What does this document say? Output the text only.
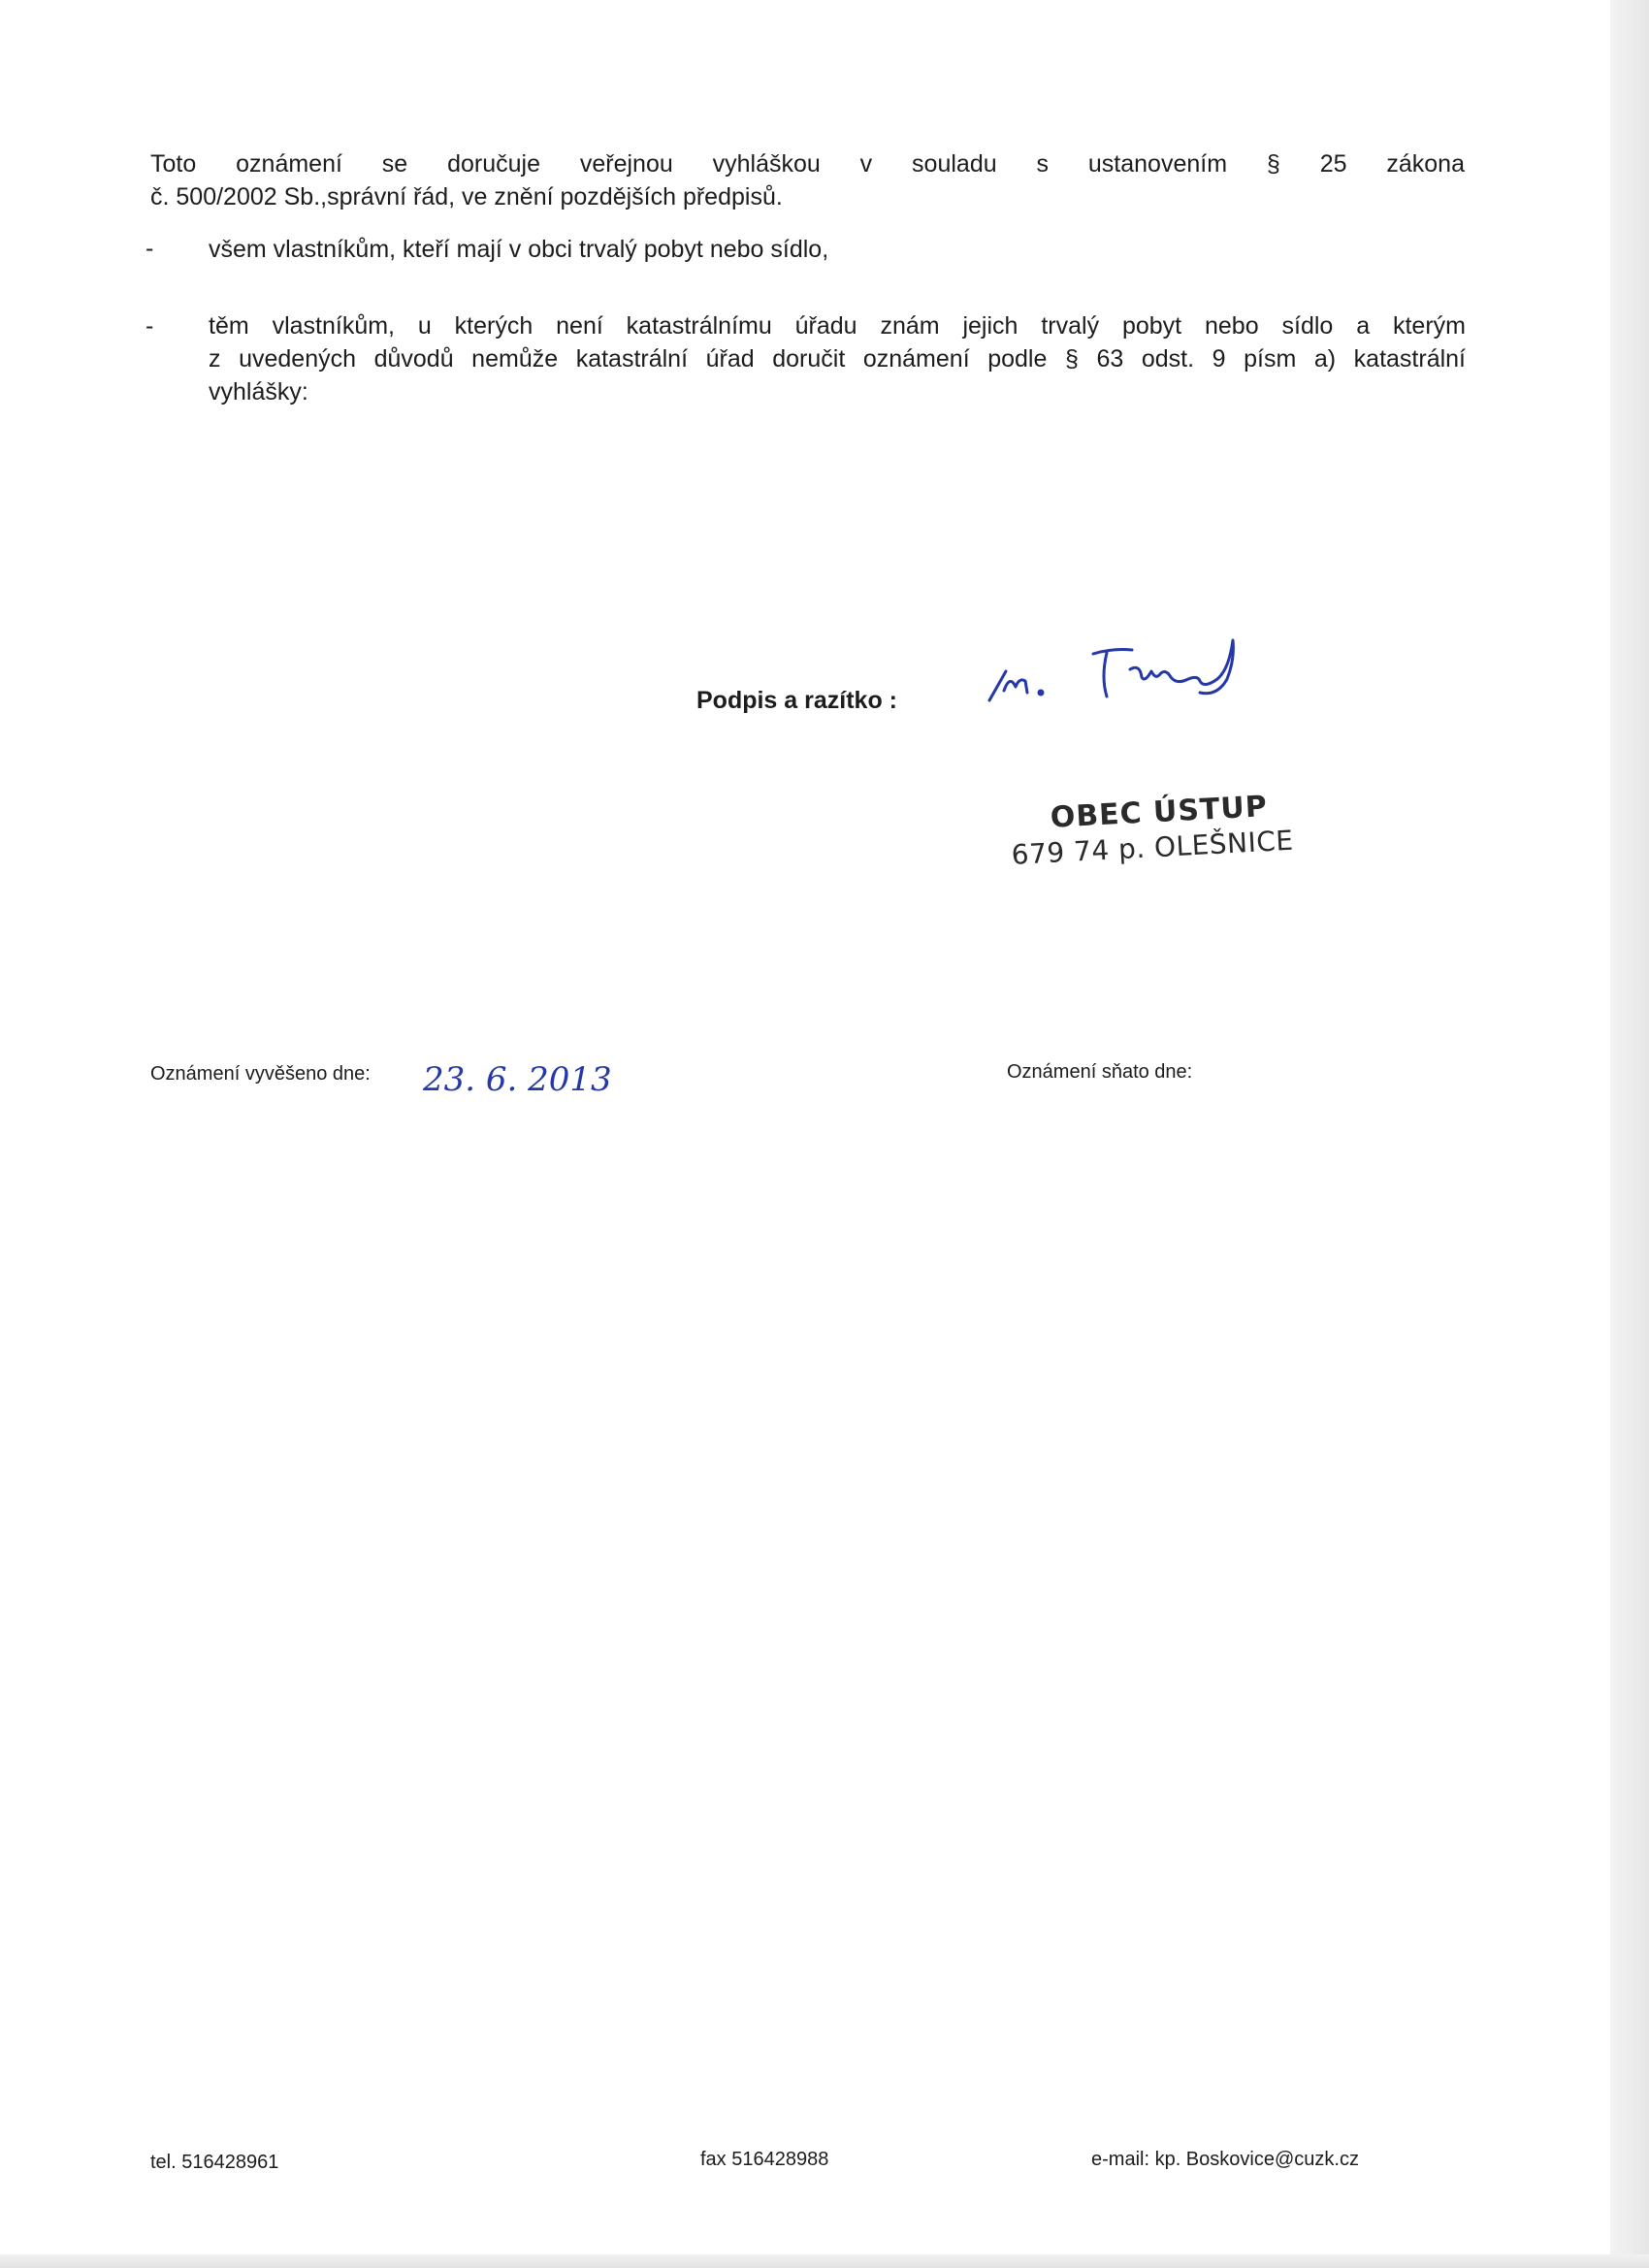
Toto oznámení se doručuje veřejnou vyhláškou v souladu s ustanovením § 25 zákona
č. 500/2002 Sb.,správní řád, ve znění pozdějších předpisů.
- všem vlastníkům, kteří mají v obci trvalý pobyt nebo sídlo,
- těm vlastníkům, u kterých není katastrálnímu úřadu znám jejich trvalý pobyt nebo sídlo a kterým
z uvedených důvodů nemůže katastrální úřad doručit oznámení podle § 63 odst. 9 písm a) katastrální
vyhlášky:
Podpis a razítko :
OBEC ÚSTUP
679 74 p. OLEŠNICE
Oznámení vyvěšeno dne: 23. 6. 2013	Oznámení sňato dne:
tel. 516428961	fax 516428988	e-mail: kp. Boskovice@cuzk.cz
